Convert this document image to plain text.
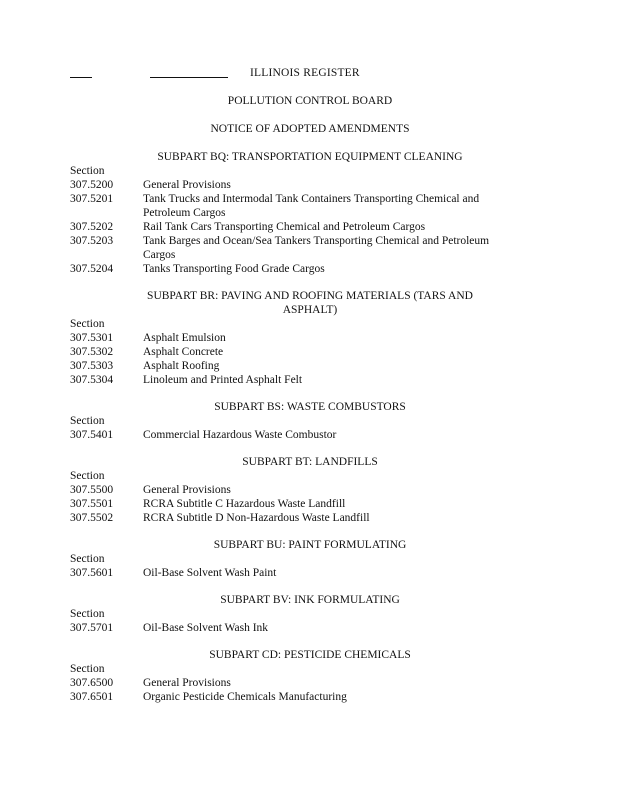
ILLINOIS REGISTER
POLLUTION CONTROL BOARD
NOTICE OF ADOPTED AMENDMENTS
SUBPART BQ: TRANSPORTATION EQUIPMENT CLEANING
Section
307.5200	General Provisions
307.5201	Tank Trucks and Intermodal Tank Containers Transporting Chemical and Petroleum Cargos
307.5202	Rail Tank Cars Transporting Chemical and Petroleum Cargos
307.5203	Tank Barges and Ocean/Sea Tankers Transporting Chemical and Petroleum Cargos
307.5204	Tanks Transporting Food Grade Cargos
SUBPART BR: PAVING AND ROOFING MATERIALS (TARS AND ASPHALT)
Section
307.5301	Asphalt Emulsion
307.5302	Asphalt Concrete
307.5303	Asphalt Roofing
307.5304	Linoleum and Printed Asphalt Felt
SUBPART BS: WASTE COMBUSTORS
Section
307.5401	Commercial Hazardous Waste Combustor
SUBPART BT: LANDFILLS
Section
307.5500	General Provisions
307.5501	RCRA Subtitle C Hazardous Waste Landfill
307.5502	RCRA Subtitle D Non-Hazardous Waste Landfill
SUBPART BU: PAINT FORMULATING
Section
307.5601	Oil-Base Solvent Wash Paint
SUBPART BV: INK FORMULATING
Section
307.5701	Oil-Base Solvent Wash Ink
SUBPART CD: PESTICIDE CHEMICALS
Section
307.6500	General Provisions
307.6501	Organic Pesticide Chemicals Manufacturing
